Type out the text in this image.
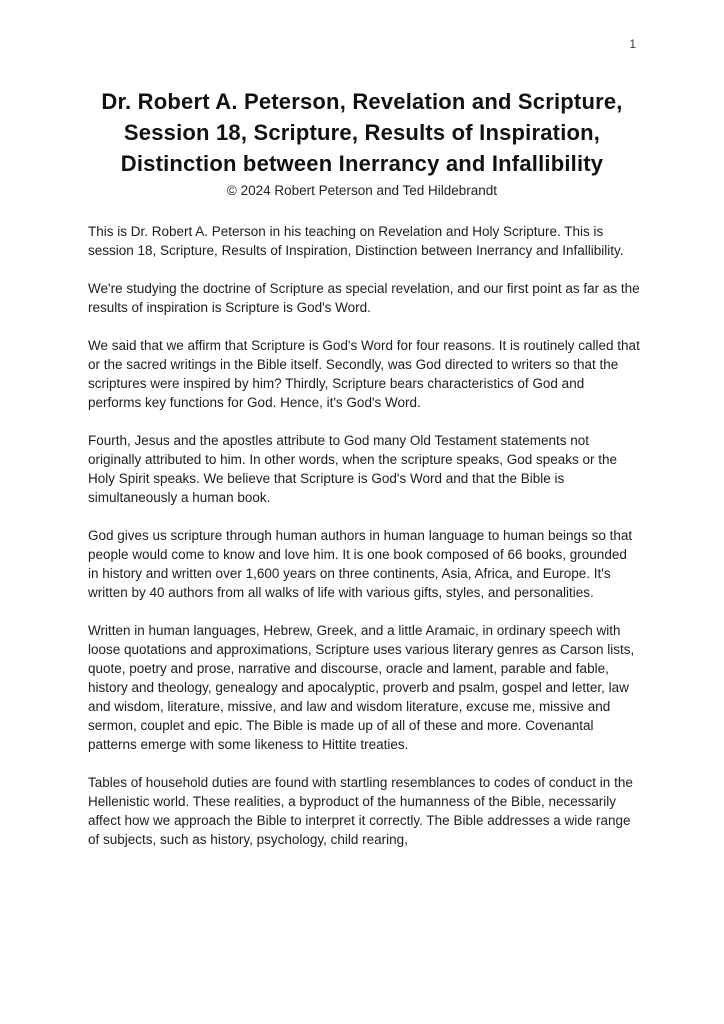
1
Dr. Robert A. Peterson, Revelation and Scripture,
Session 18, Scripture, Results of Inspiration,
Distinction between Inerrancy and Infallibility
© 2024 Robert Peterson and Ted Hildebrandt

This is Dr. Robert A. Peterson in his teaching on Revelation and Holy Scripture. This is session 18, Scripture, Results of Inspiration, Distinction between Inerrancy and Infallibility.

We're studying the doctrine of Scripture as special revelation, and our first point as far as the results of inspiration is Scripture is God's Word.

We said that we affirm that Scripture is God's Word for four reasons. It is routinely called that or the sacred writings in the Bible itself. Secondly, was God directed to writers so that the scriptures were inspired by him? Thirdly, Scripture bears characteristics of God and performs key functions for God. Hence, it's God's Word.

Fourth, Jesus and the apostles attribute to God many Old Testament statements not originally attributed to him. In other words, when the scripture speaks, God speaks or the Holy Spirit speaks. We believe that Scripture is God's Word and that the Bible is simultaneously a human book.

God gives us scripture through human authors in human language to human beings so that people would come to know and love him. It is one book composed of 66 books, grounded in history and written over 1,600 years on three continents, Asia, Africa, and Europe. It's written by 40 authors from all walks of life with various gifts, styles, and personalities.

Written in human languages, Hebrew, Greek, and a little Aramaic, in ordinary speech with loose quotations and approximations, Scripture uses various literary genres as Carson lists, quote, poetry and prose, narrative and discourse, oracle and lament, parable and fable, history and theology, genealogy and apocalyptic, proverb and psalm, gospel and letter, law and wisdom, literature, missive, and law and wisdom literature, excuse me, missive and sermon, couplet and epic. The Bible is made up of all of these and more. Covenantal patterns emerge with some likeness to Hittite treaties.

Tables of household duties are found with startling resemblances to codes of conduct in the Hellenistic world. These realities, a byproduct of the humanness of the Bible, necessarily affect how we approach the Bible to interpret it correctly. The Bible addresses a wide range of subjects, such as history, psychology, child rearing,
